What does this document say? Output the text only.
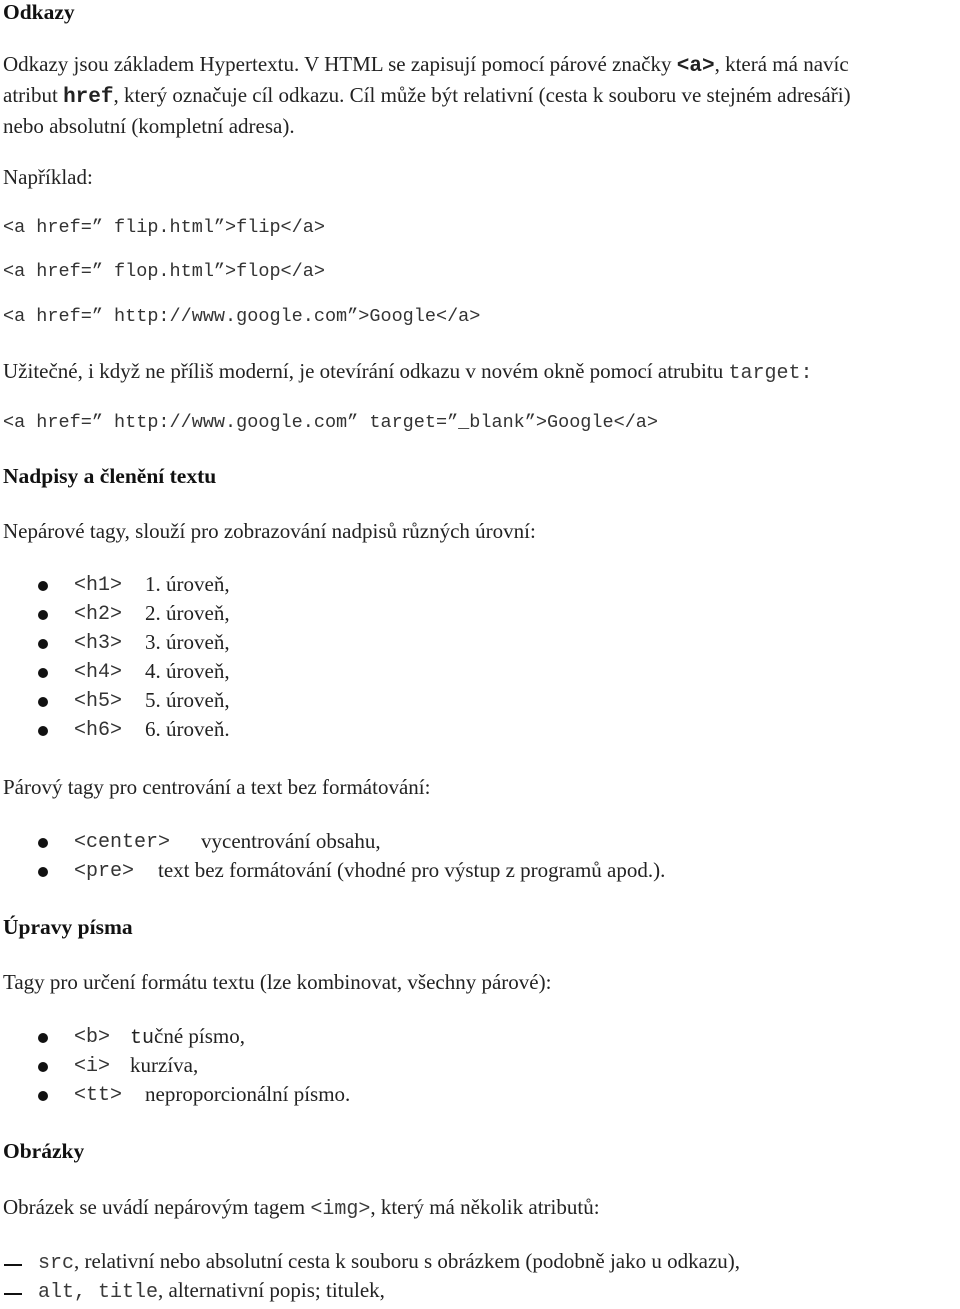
Odkazy
Odkazy jsou základem Hypertextu. V HTML se zapisují pomocí párové značky <a>, která má navíc
atribut href, který označuje cíl odkazu. Cíl může být relativní (cesta k souboru ve stejném adresáři)
nebo absolutní (kompletní adresa).
Například:
<a href=” flip.html”>flip</a>
<a href=” flop.html”>flop</a>
<a href=” http://www.google.com”>Google</a>
Užitečné, i když ne příliš moderní, je otevírání odkazu v novém okně pomocí atrubitu target:
<a href=” http://www.google.com” target=”_blank”>Google</a>
Nadpisy a členění textu
Nepárové tagy, slouží pro zobrazování nadpisů různých úrovní:
<h1> 1. úroveň,
<h2> 2. úroveň,
<h3> 3. úroveň,
<h4> 4. úroveň,
<h5> 5. úroveň,
<h6> 6. úroveň.
Párový tagy pro centrování a text bez formátování:
<center> vycentrování obsahu,
<pre> text bez formátování (vhodné pro výstup z programů apod.).
Úpravy písma
Tagy pro určení formátu textu (lze kombinovat, všechny párové):
<b> tučné písmo,
<i> kurzíva,
<tt> neproporcionální písmo.
Obrázky
Obrázek se uvádí nepárovým tagem <img>, který má několik atributů:
src, relativní nebo absolutní cesta k souboru s obrázkem (podobně jako u odkazu),
alt, title, alternativní popis; titulek,
